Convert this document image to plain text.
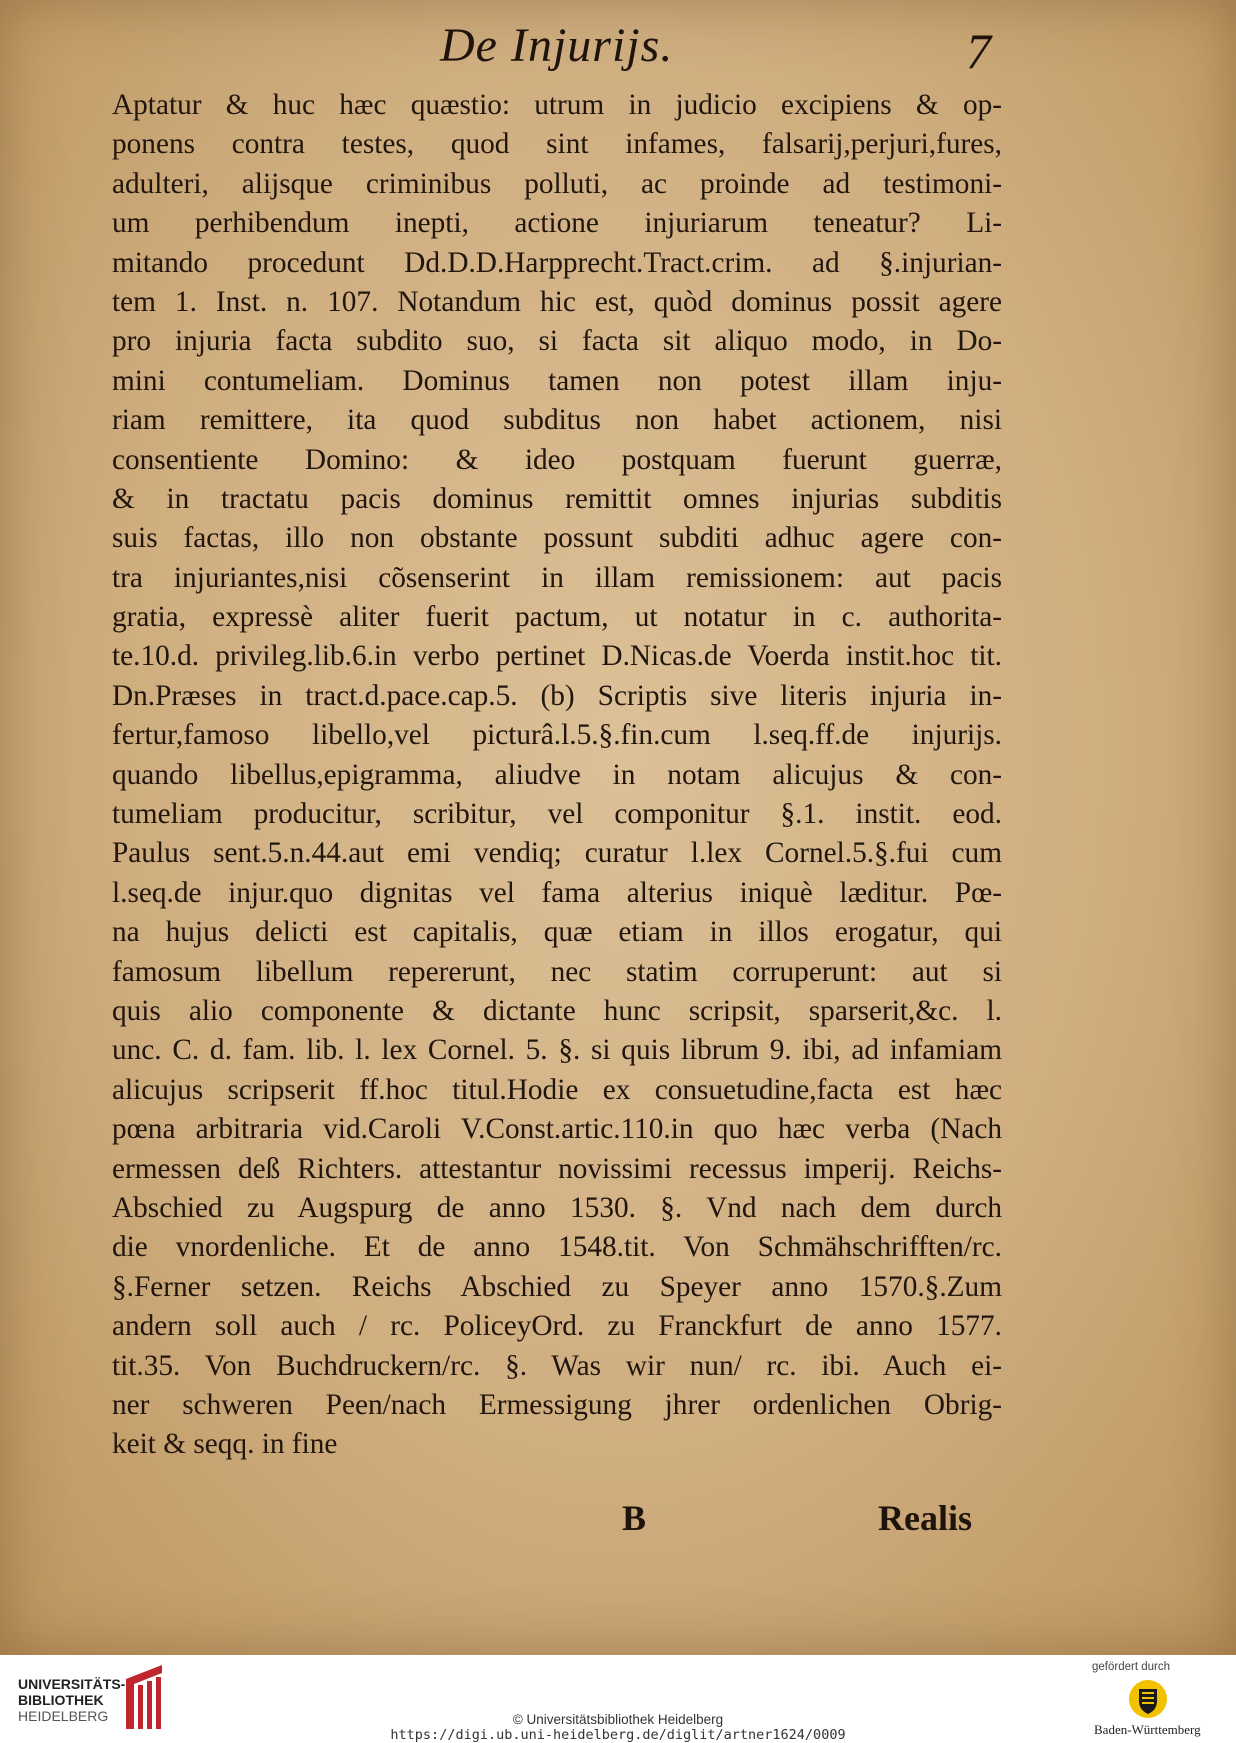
De Injurijs.	7
Aptatur & huc hæc quæstio: utrum in judicio excipiens & op-
ponens contra testes, quod sint infames, falsarij,perjuri,fures,
adulteri, alijsque criminibus polluti, ac proinde ad testimoni-
um perhibendum inepti, actione injuriarum teneatur? Li-
mitando procedunt Dd.D.D.Harpprecht.Tract.crim. ad §.injurian-
tem 1. Inst. n. 107. Notandum hic est, quòd dominus possit agere
pro injuria facta subdito suo, si facta sit aliquo modo, in Do-
mini contumeliam. Dominus tamen non potest illam inju-
riam remittere, ita quod subditus non habet actionem, nisi
consentiente Domino: & ideo postquam fuerunt guerræ,
& in tractatu pacis dominus remittit omnes injurias subditis
suis factas, illo non obstante possunt subditi adhuc agere con-
tra injuriantes,nisi cõsenserint in illam remissionem: aut pacis
gratia, expressè aliter fuerit pactum, ut notatur in c. authorita-
te.10.d. privileg.lib.6.in verbo pertinet D.Nicas.de Voerda instit.hoc tit.
Dn.Præses in tract.d.pace.cap.5. (b) Scriptis sive literis injuria in-
fertur,famoso libello,vel picturâ.l.5.§.fin.cum l.seq.ff.de injurijs.
quando libellus,epigramma, aliudve in notam alicujus & con-
tumeliam producitur, scribitur, vel componitur §.1. instit. eod.
Paulus sent.5.n.44.aut emi vendiq; curatur l.lex Cornel.5.§.fui cum
l.seq.de injur.quo dignitas vel fama alterius iniquè læditur. Pœ-
na hujus delicti est capitalis, quæ etiam in illos erogatur, qui
famosum libellum repererunt, nec statim corruperunt: aut si
quis alio componente & dictante hunc scripsit, sparserit,&c. l.
unc. C. d. fam. lib. l. lex Cornel. 5. §. si quis librum 9. ibi, ad infamiam
alicujus scripserit ff.hoc titul.Hodie ex consuetudine,facta est hæc
pœna arbitraria vid.Caroli V.Const.artic.110.in quo hæc verba (Nach
ermessen deß Richters. attestantur novissimi recessus imperij. Reichs-
Abschied zu Augspurg de anno 1530. §. Vnd nach dem durch
die vnordenliche. Et de anno 1548.tit. Von Schmähschrifften/rc.
§.Ferner setzen. Reichs Abschied zu Speyer anno 1570.§.Zum
andern soll auch / rc. PoliceyOrd. zu Franckfurt de anno 1577.
tit.35. Von Buchdruckern/rc. §. Was wir nun/ rc. ibi. Auch ei-
ner schweren Peen/nach Ermessigung jhrer ordenlichen Obrig-
keit & seqq. in fine
B	Realis
UNIVERSITÄTS-
BIBLIOTHEK
HEIDELBERG	© Universitätsbibliothek Heidelberg
https://digi.ub.uni-heidelberg.de/diglit/artner1624/0009
gefördert durch
Baden-Württemberg
